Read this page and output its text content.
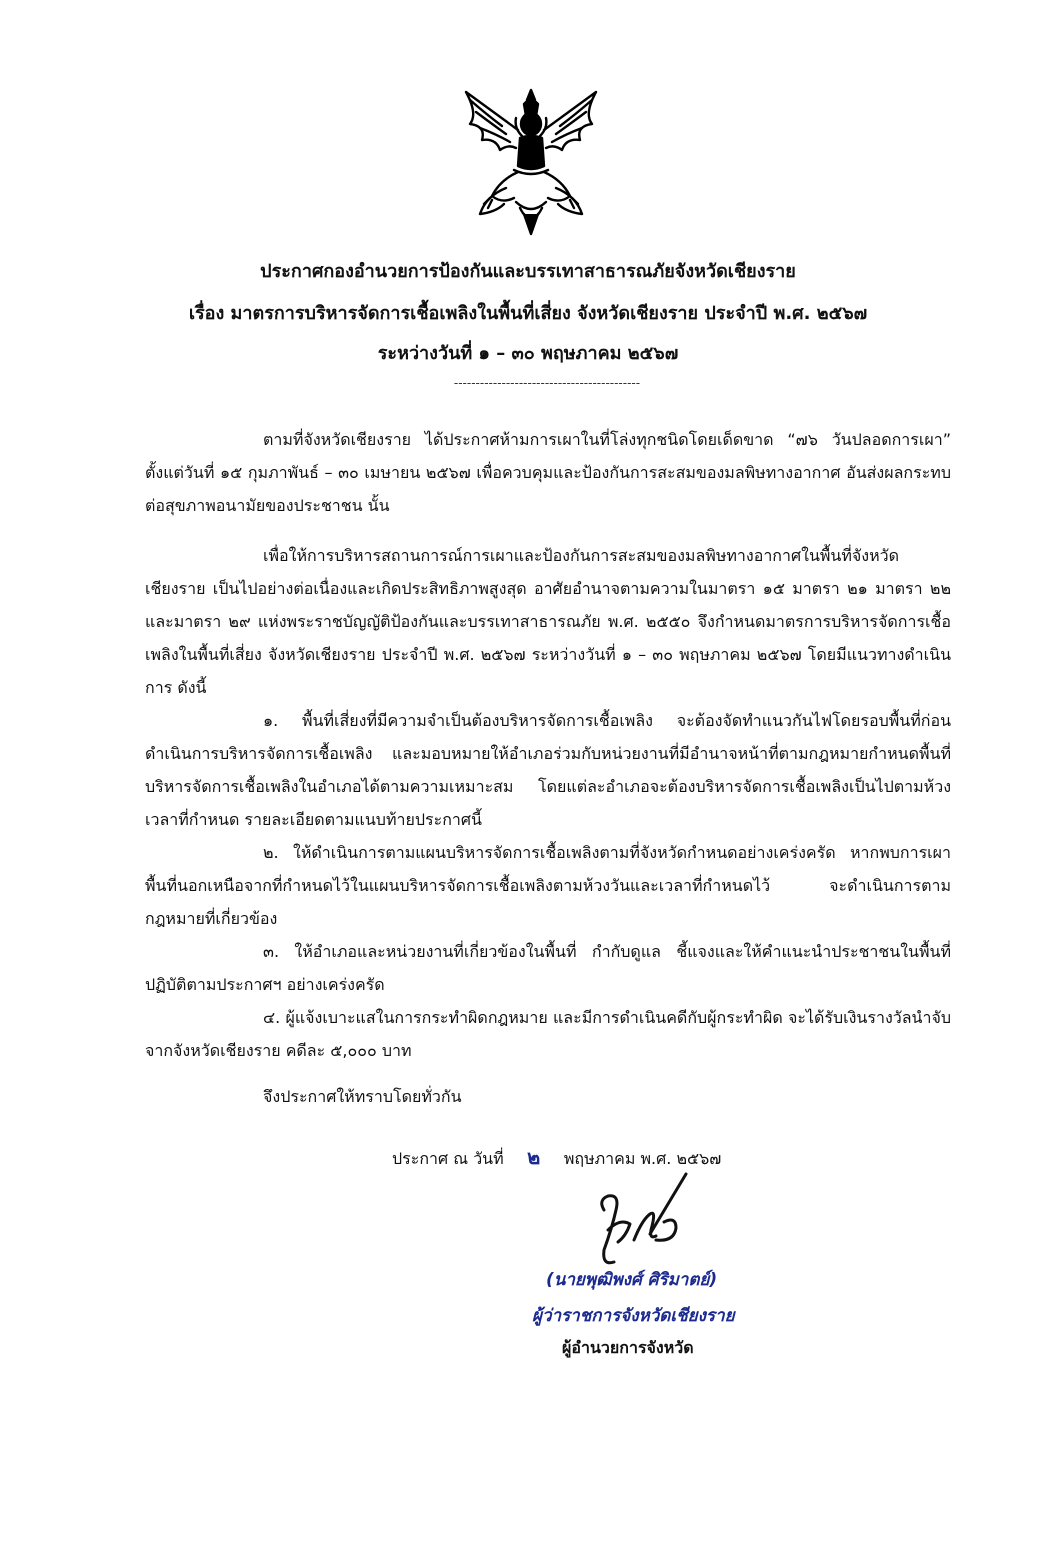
ประกาศกองอำนวยการป้องกันและบรรเทาสาธารณภัยจังหวัดเชียงราย
เรื่อง มาตรการบริหารจัดการเชื้อเพลิงในพื้นที่เสี่ยง จังหวัดเชียงราย ประจำปี พ.ศ. ๒๕๖๗
ระหว่างวันที่ ๑ – ๓๐ พฤษภาคม ๒๕๖๗
-------------------------------------------
ตามที่จังหวัดเชียงราย ได้ประกาศห้ามการเผาในที่โล่งทุกชนิดโดยเด็ดขาด “๗๖ วันปลอดการเผา” ตั้งแต่วันที่ ๑๕ กุมภาพันธ์ – ๓๐ เมษายน ๒๕๖๗ เพื่อควบคุมและป้องกันการสะสมของมลพิษทางอากาศ อันส่งผลกระทบต่อสุขภาพอนามัยของประชาชน นั้น
เพื่อให้การบริหารสถานการณ์การเผาและป้องกันการสะสมของมลพิษทางอากาศในพื้นที่จังหวัดเชียงราย เป็นไปอย่างต่อเนื่องและเกิดประสิทธิภาพสูงสุด อาศัยอำนาจตามความในมาตรา ๑๕ มาตรา ๒๑ มาตรา ๒๒ และมาตรา ๒๙ แห่งพระราชบัญญัติป้องกันและบรรเทาสาธารณภัย พ.ศ. ๒๕๕๐ จึงกำหนดมาตรการบริหารจัดการเชื้อเพลิงในพื้นที่เสี่ยง จังหวัดเชียงราย ประจำปี พ.ศ. ๒๕๖๗ ระหว่างวันที่ ๑ – ๓๐ พฤษภาคม ๒๕๖๗ โดยมีแนวทางดำเนินการ ดังนี้
๑. พื้นที่เสี่ยงที่มีความจำเป็นต้องบริหารจัดการเชื้อเพลิง จะต้องจัดทำแนวกันไฟโดยรอบพื้นที่ก่อนดำเนินการบริหารจัดการเชื้อเพลิง และมอบหมายให้อำเภอร่วมกับหน่วยงานที่มีอำนาจหน้าที่ตามกฎหมายกำหนดพื้นที่บริหารจัดการเชื้อเพลิงในอำเภอได้ตามความเหมาะสม โดยแต่ละอำเภอจะต้องบริหารจัดการเชื้อเพลิงเป็นไปตามห้วงเวลาที่กำหนด รายละเอียดตามแนบท้ายประกาศนี้
๒. ให้ดำเนินการตามแผนบริหารจัดการเชื้อเพลิงตามที่จังหวัดกำหนดอย่างเคร่งครัด หากพบการเผาพื้นที่นอกเหนือจากที่กำหนดไว้ในแผนบริหารจัดการเชื้อเพลิงตามห้วงวันและเวลาที่กำหนดไว้ จะดำเนินการตามกฎหมายที่เกี่ยวข้อง
๓. ให้อำเภอและหน่วยงานที่เกี่ยวข้องในพื้นที่ กำกับดูแล ชี้แจงและให้คำแนะนำประชาชนในพื้นที่ปฏิบัติตามประกาศฯ อย่างเคร่งครัด
๔. ผู้แจ้งเบาะแสในการกระทำผิดกฎหมาย และมีการดำเนินคดีกับผู้กระทำผิด จะได้รับเงินรางวัลนำจับจากจังหวัดเชียงราย คดีละ ๕,๐๐๐ บาท
จึงประกาศให้ทราบโดยทั่วกัน
ประกาศ ณ วันที่ ๒ พฤษภาคม พ.ศ. ๒๕๖๗
(นายพุฒิพงศ์ ศิริมาตย์)
ผู้ว่าราชการจังหวัดเชียงราย
ผู้อำนวยการจังหวัด
